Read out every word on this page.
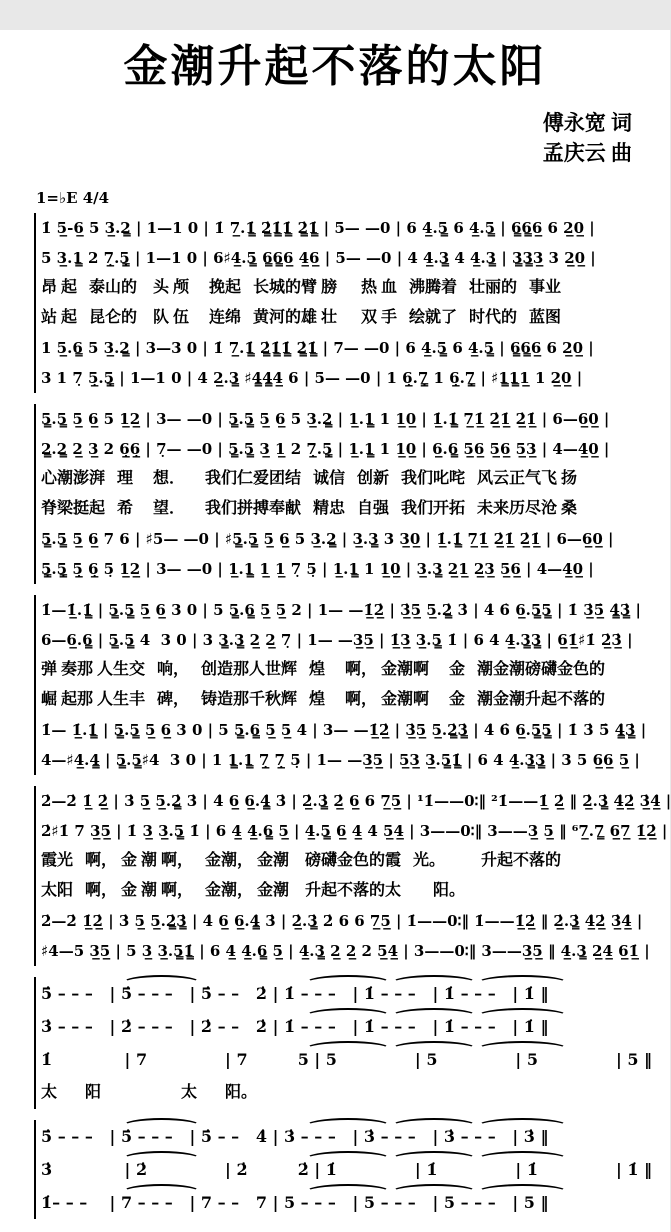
金潮升起不落的太阳
傅永宽 词
孟庆云 曲
1=♭E 4/4
1̇ 5̲-6̲ 5 3̲.2̳ | 1—1 0 | 1̇ 7̲.1̳̇ 2̳̇1̳̇1̳̇ 2̳̇1̳̇ | 5— —0 | 6 4̲.5̳ 6 4̲.5̳ | 6̳6̳6̲ 6 2̲0̲ |
5 3̲.1̳ 2 7̣̲.5̣̳ | 1—1 0 | 6♯4̲.5̳ 6̳6̳6̲ 4̲6̲ | 5— —0 | 4 4̲.3̳ 4 4̲.3̳ | 3̳3̳3̲ 3 2̲0̲ |
昂 起   泰山的    头 颅     挽起   长城的臂 膀      热 血   沸腾着   壮丽的   事业
站 起   昆仑的    队 伍     连绵   黄河的雄 壮      双 手   绘就了   时代的   蓝图
1 5̲.6̳ 5 3̲.2̳ | 3—3 0 | 1̇ 7̲.1̳̇ 2̳̇1̳̇1̳̇ 2̳̇1̳̇ | 7— —0 | 6 4̲.5̳ 6 4̲.5̳ | 6̳6̳6̲ 6 2̲0̲ |
3 1 7̣ 5̣̲.5̣̳ | 1—1 0 | 4 2̲.3̳ ♯4̳4̳4̲ 6 | 5— —0 | 1 6̣̲.7̣̳ 1 6̣̲.7̣̳ | ♯1̳1̳1̲ 1 2̲0̲ |
5̳.5̳ 5̲ 6̲ 5 1̲2̲ | 3— —0 | 5̳.5̳ 5̲ 6̲ 5 3̲.2̳ | 1̲.1̳ 1 1̲0̲ | 1̲̇.1̳̇ 7̲1̲̇ 2̲̇1̲̇ 2̲̇1̲̇ | 6—6̲0̲ |
2̳.2̳ 2̲ 3̲ 2 6̣̲6̣̲ | 7̣— —0 | 5̳.5̳ 3̲ 1̲ 2 7̣̲.5̣̳ | 1̲.1̳ 1 1̲0̲ | 6̲.6̳ 5̲6̲ 5̲6̲ 5̲3̲ | 4—4̲0̲ |
心潮澎湃   理     想．     我们仁爱团结   诚信   创新   我们叱咤   风云正气飞 扬
脊梁挺起   希     望．     我们拼搏奉献   精忠   自强   我们开拓   未来历尽沧 桑
5̳.5̳ 5̲ 6̲ 7 6 | ♯5— —0 | ♯5̳.5̳ 5̲ 6̲ 5 3̲.2̳ | 3̲.3̳ 3 3̲0̲ | 1̲̇.1̳̇ 7̲1̲̇ 2̲̇1̲̇ 2̲̇1̲̇ | 6—6̲0̲ |
5̣̳.5̣̳ 5̣̲ 6̣̲ 5̣ 1̲2̲ | 3— —0 | 1̲.1̳ 1̲ 1̲ 7̣ 5̣ | 1̲.1̳ 1 1̲0̲ | 3̲.3̳ 2̲1̲ 2̲3̲ 5̲6̲ | 4—4̲0̲ |
1̇—1̲̇.1̳̇ | 5̳.5̳ 5̲ 6̲ 3 0 | 5 5̳.6̳ 5̲ 5̲ 2 | 1— —1̲̇2̲̇ | 3̲̇5̲ 5̲.2̳̇ 3̇ | 4̇ 6̇ 6̲.5̳5̳ | 1̇ 3̲̇5̲̇ 4̳̇3̳̇ |
6—6̲.6̳ | 5̳.5̳ 4  3 0 | 3 3̳.3̳ 2̲ 2̲ 7̣ | 1— —3̲5̲ | 1̲̇3̲ 3̲.5̳ 1̇ | 6 4 4̲.3̳3̳ | 6̲1̲̇♯1̇ 2̲̇3̲̇ |
弹 奏那 人生交   响，   创造那人世辉   煌     啊， 金潮啊     金   潮金潮磅礴金色的
崛 起那 人生丰   碑，   铸造那千秋辉   煌     啊， 金潮啊     金   潮金潮升起不落的
1̇— 1̲̇.1̳̇ | 5̳.5̳ 5̲ 6̲ 3 0 | 5 5̳.6̳ 5̲ 5̲ 4 | 3— —1̲̇2̲̇ | 3̲̇5̲ 5̲.2̳̇3̳̇ | 4̇ 6̇ 6̲.5̳5̳ | 1̇ 3̇ 5̇ 4̳̇3̳̇ |
4—♯4̲.4̳ | 5̳.5̳♯4  3 0 | 1 1̳.1̳ 7̣̲ 7̣̲ 5̣ | 1— —3̲5̲ | 5̲3̲ 3̲.5̳1̳̇ | 6 4 4̲.3̳3̳ | 3 5 6̲6̲ 5̲ |
2̇—2̇ 1̲̇ 2̲̇ | 3̇ 5̲ 5̲.2̳̇ 3̇ | 4̇ 6̲ 6̲.4̳̇ 3̇ | 2̲̇.3̳̇ 2̲̇ 6̲ 6 7̲5̲ | ¹1̇——0∶‖ ²1̇——1̲̇ 2̲̇ ‖ 2̲̇.3̳̇ 4̲̇2̲̇ 3̲̇4̲̇ |
2̇♯1̇ 7 3̲5̲ | 1̇ 3̲ 3̲.5̳ 1̇ | 6 4̲ 4̲.6̳ 5̲ | 4̲.5̳ 6̲ 4̲ 4 5̲4̲ | 3——0∶‖ 3——3̲ 5̲ ‖ ⁶7̲.7̳ 6̲7̲ 1̲̇2̲̇ |
霞光   啊， 金 潮 啊，   金潮， 金潮    磅礴金色的霞   光。         升起不落的
太阳   啊， 金 潮 啊，   金潮， 金潮    升起不落的太        阳。
2̇—2̇ 1̲̇2̲̇ | 3̇ 5̲ 5̲.2̳̇3̳̇ | 4̇ 6̲ 6̲.4̳̇ 3̇ | 2̲̇.3̳̇ 2̇ 6 6 7̲5̲ | 1̇——0∶‖ 1̇——1̲̇2̲̇ ‖ 2̲̇.3̳̇ 4̲̇2̲̇ 3̲̇4̲̇ |
♯4—5 3̲5̲ | 5 3̲ 3̲.5̳1̳̇ | 6 4̲ 4̲.6̳ 5̲ | 4̲.3̳ 2̲ 2̲ 2 5̲4̲ | 3——0∶‖ 3——3̲5̲ ‖ 4̲.3̳ 2̲4̲ 6̲1̲̇ |
5̇ – – –   | 5̇ – – –   | 5̇ – –   2̇ | 1̇ – – –   | 1̇ – – –   | 1̇ – – –   | 1̇ ‖
3̇ – – –   | 2̇ – – –   | 2̇ – –   2̇ | 1̇ – – –   | 1̇ – – –   | 1̇ – – –   | 1̇ ‖
1̇             | 7              | 7         5 | 5              | 5              | 5              | 5 ‖
太       阳                    太       阳。
5̇ – – –   | 5̇ – – –   | 5̇ – –   4̇ | 3̇ – – –   | 3̇ – – –   | 3̇ – – –   | 3̇ ‖
3̇             | 2̇              | 2̇         2̇ | 1̇              | 1̇              | 1̇              | 1̇ ‖
1̇– – –    | 7 – – –   | 7 – –   7 | 5 – – –   | 5 – – –   | 5 – – –   | 5 ‖
